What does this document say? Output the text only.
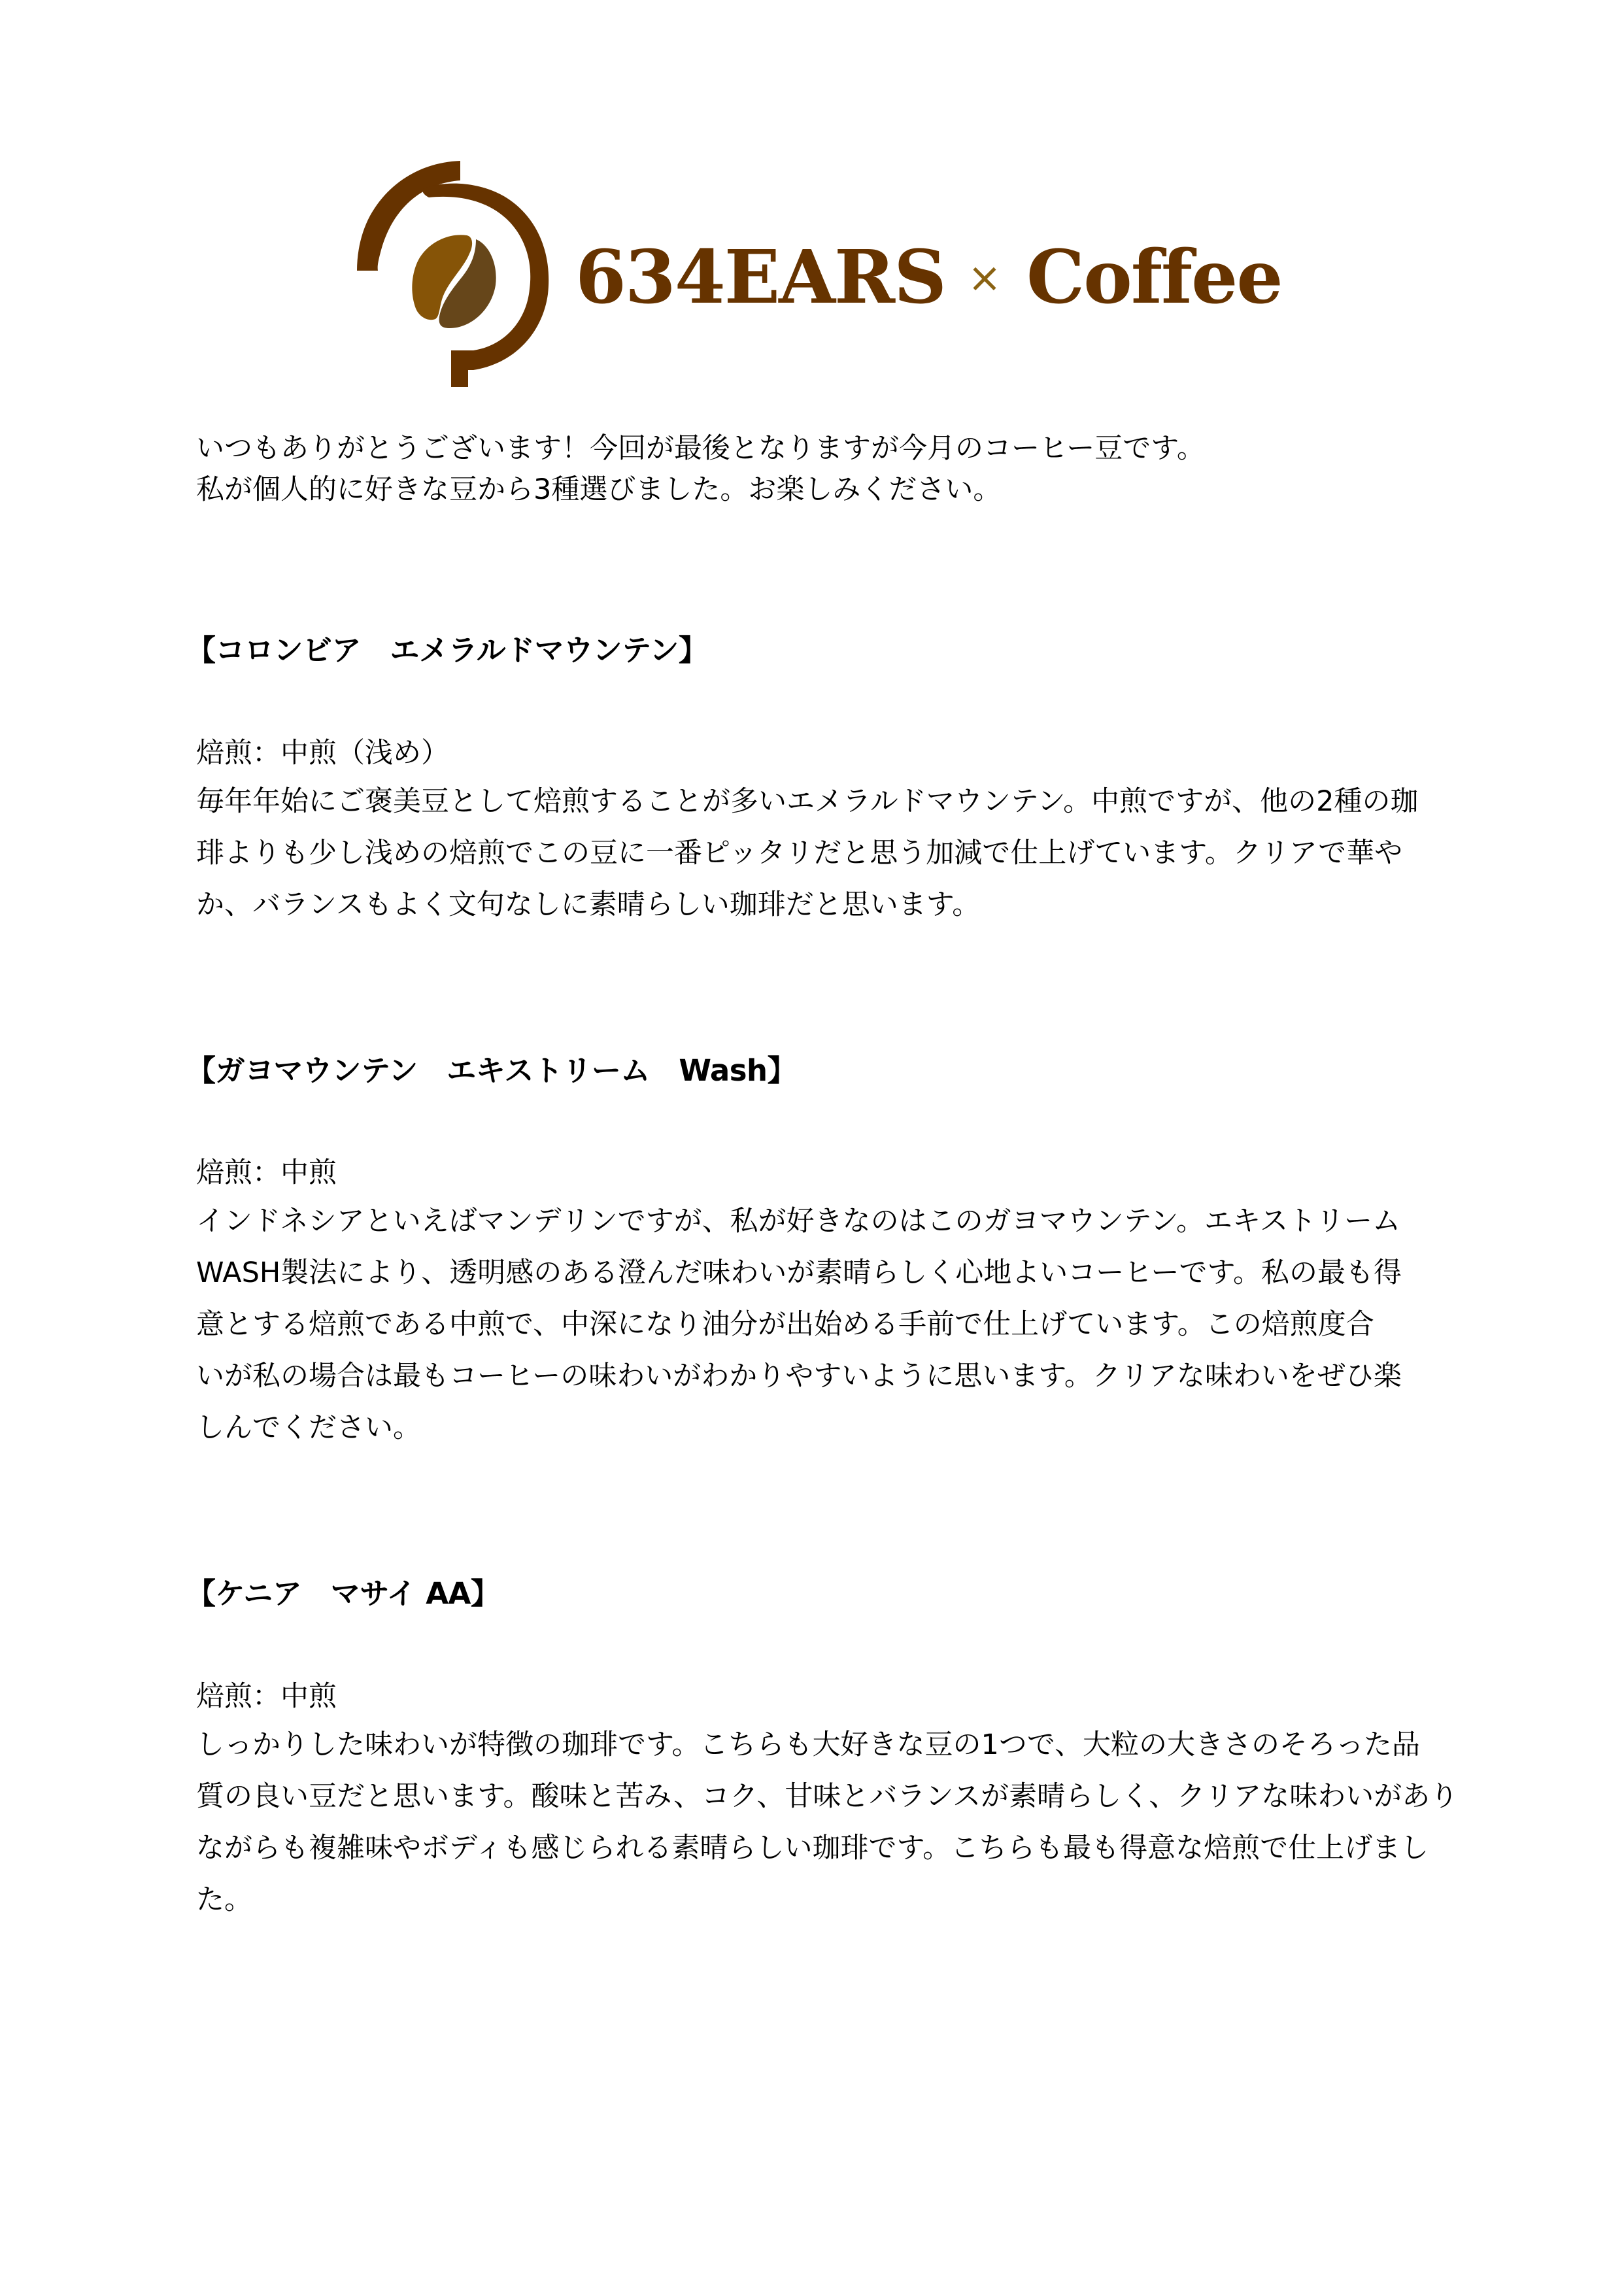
634EARS × Coffee

いつもありがとうございます！今回が最後となりますが今月のコーヒー豆です。

私が個人的に好きな豆から3種選びました。お楽しみください。

【コロンビア　エメラルドマウンテン】
焙煎：中煎（浅め）

毎年年始にご褒美豆として焙煎することが多いエメラルドマウンテン。中煎ですが、他の2種の珈

琲よりも少し浅めの焙煎でこの豆に一番ピッタリだと思う加減で仕上げています。クリアで華や

か、バランスもよく文句なしに素晴らしい珈琲だと思います。

【ガヨマウンテン　エキストリーム　Wash】
焙煎：中煎

インドネシアといえばマンデリンですが、私が好きなのはこのガヨマウンテン。エキストリーム

WASH製法により、透明感のある澄んだ味わいが素晴らしく心地よいコーヒーです。私の最も得

意とする焙煎である中煎で、中深になり油分が出始める手前で仕上げています。この焙煎度合

いが私の場合は最もコーヒーの味わいがわかりやすいように思います。クリアな味わいをぜひ楽

しんでください。

【ケニア　マサイ AA】
焙煎：中煎

しっかりした味わいが特徴の珈琲です。こちらも大好きな豆の1つで、大粒の大きさのそろった品

質の良い豆だと思います。酸味と苦み、コク、甘味とバランスが素晴らしく、クリアな味わいがあり

ながらも複雑味やボディも感じられる素晴らしい珈琲です。こちらも最も得意な焙煎で仕上げまし

た。
